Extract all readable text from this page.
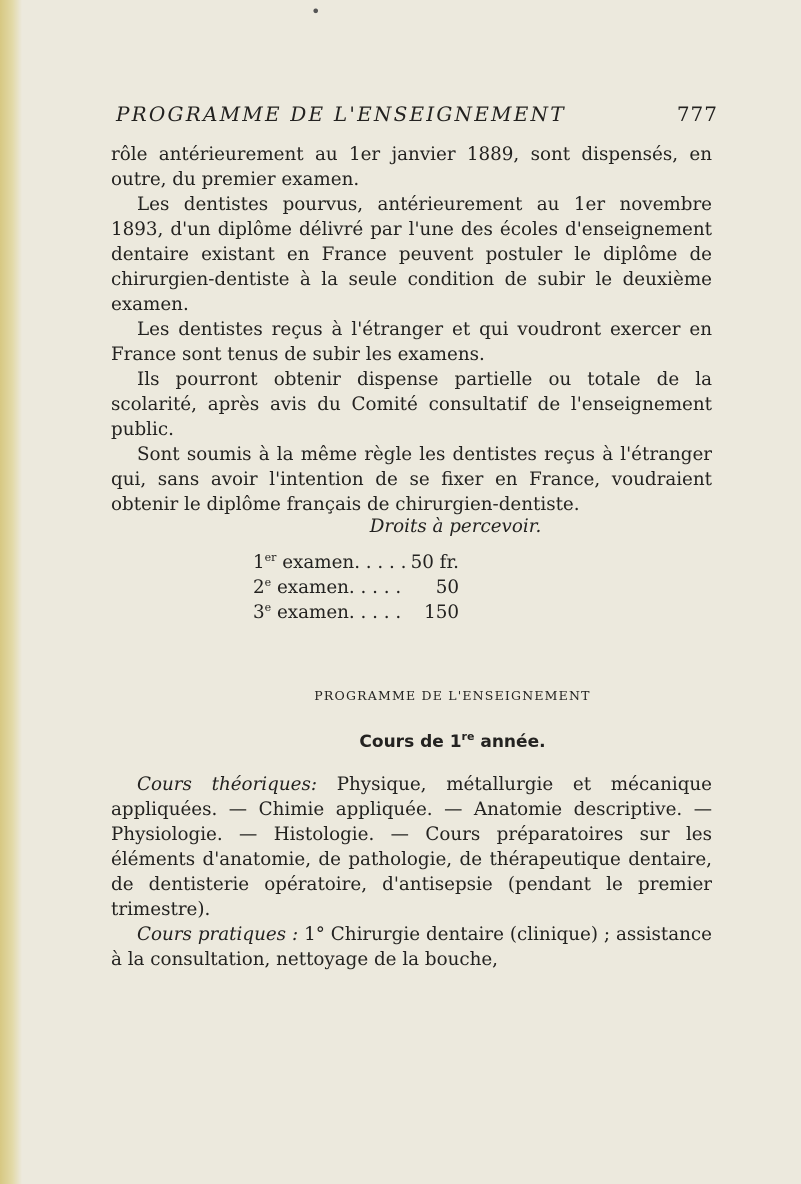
•
PROGRAMME DE L'ENSEIGNEMENT	777

rôle antérieurement au 1er janvier 1889, sont dispensés, en outre, du premier examen.

Les dentistes pourvus, antérieurement au 1er novembre 1893, d'un diplôme délivré par l'une des écoles d'enseignement dentaire existant en France peuvent postuler le diplôme de chirurgien-dentiste à la seule condition de subir le deuxième examen.

Les dentistes reçus à l'étranger et qui voudront exercer en France sont tenus de subir les examens.

Ils pourront obtenir dispense partielle ou totale de la scolarité, après avis du Comité consultatif de l'enseignement public.

Sont soumis à la même règle les dentistes reçus à l'étranger qui, sans avoir l'intention de se fixer en France, voudraient obtenir le diplôme français de chirurgien-dentiste.

Droits à percevoir.
1er examen. . . . . 50 fr.
2e examen. . . . .	50
3e examen. . . . .	150
PROGRAMME DE L'ENSEIGNEMENT
Cours de 1re année.

Cours théoriques: Physique, métallurgie et mécanique appliquées. — Chimie appliquée. — Anatomie descriptive. — Physiologie. — Histologie. — Cours préparatoires sur les éléments d'anatomie, de pathologie, de thérapeutique dentaire, de dentisterie opératoire, d'antisepsie (pendant le premier trimestre).

Cours pratiques : 1° Chirurgie dentaire (clinique) ; assistance à la consultation, nettoyage de la bouche,
